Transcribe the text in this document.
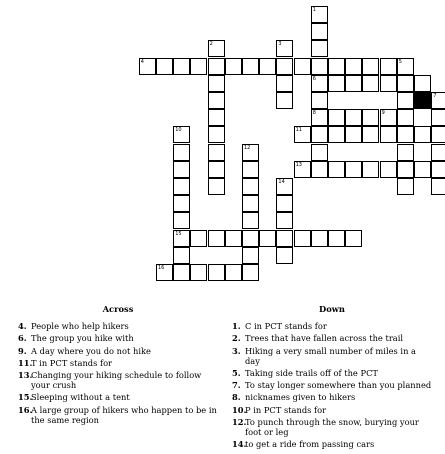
1
6
8
2	3
5
7
9
10
15
12
14
4
11
13
16
Across
4. People who help hikers
6. The group you hike with
9. A day where you do not hike
11.
T in PCT stands for
13.
Changing your hiking schedule to follow your crush
15.
Sleeping without a tent
16.
A large group of hikers who happen to be in the same region
Down
1. C in PCT stands for
2. Trees that have fallen across the trail
3. Hiking a very small number of miles in a day
5. Taking side trails off of the PCT
7. To stay longer somewhere than you planned
8. nicknames given to hikers
10.
P in PCT stands for
12.
To punch through the snow, burying your foot or leg
14.
to get a ride from passing cars
